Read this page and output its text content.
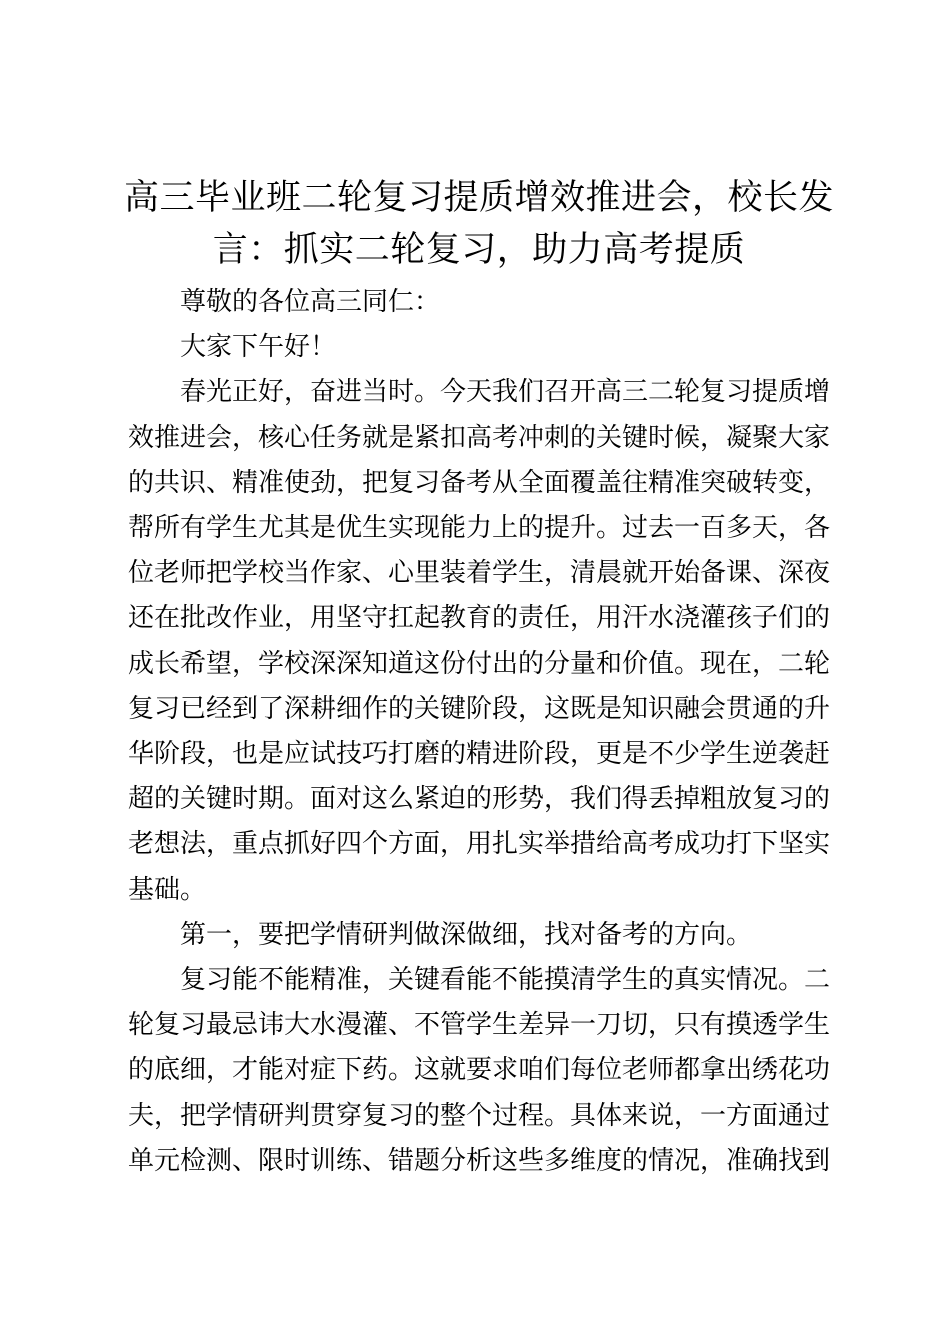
高三毕业班二轮复习提质增效推进会，校长发言：抓实二轮复习，助力高考提质

尊敬的各位高三同仁：

大家下午好！

春光正好，奋进当时。今天我们召开高三二轮复习提质增效推进会，核心任务就是紧扣高考冲刺的关键时候，凝聚大家的共识、精准使劲，把复习备考从全面覆盖往精准突破转变，帮所有学生尤其是优生实现能力上的提升。过去一百多天，各位老师把学校当作家、心里装着学生，清晨就开始备课、深夜还在批改作业，用坚守扛起教育的责任，用汗水浇灌孩子们的成长希望，学校深深知道这份付出的分量和价值。现在，二轮复习已经到了深耕细作的关键阶段，这既是知识融会贯通的升华阶段，也是应试技巧打磨的精进阶段，更是不少学生逆袭赶超的关键时期。面对这么紧迫的形势，我们得丢掉粗放复习的老想法，重点抓好四个方面，用扎实举措给高考成功打下坚实基础。

第一，要把学情研判做深做细，找对备考的方向。

复习能不能精准，关键看能不能摸清学生的真实情况。二轮复习最忌讳大水漫灌、不管学生差异一刀切，只有摸透学生的底细，才能对症下药。这就要求咱们每位老师都拿出绣花功夫，把学情研判贯穿复习的整个过程。具体来说，一方面通过单元检测、限时训练、错题分析这些多维度的情况，准确找到
